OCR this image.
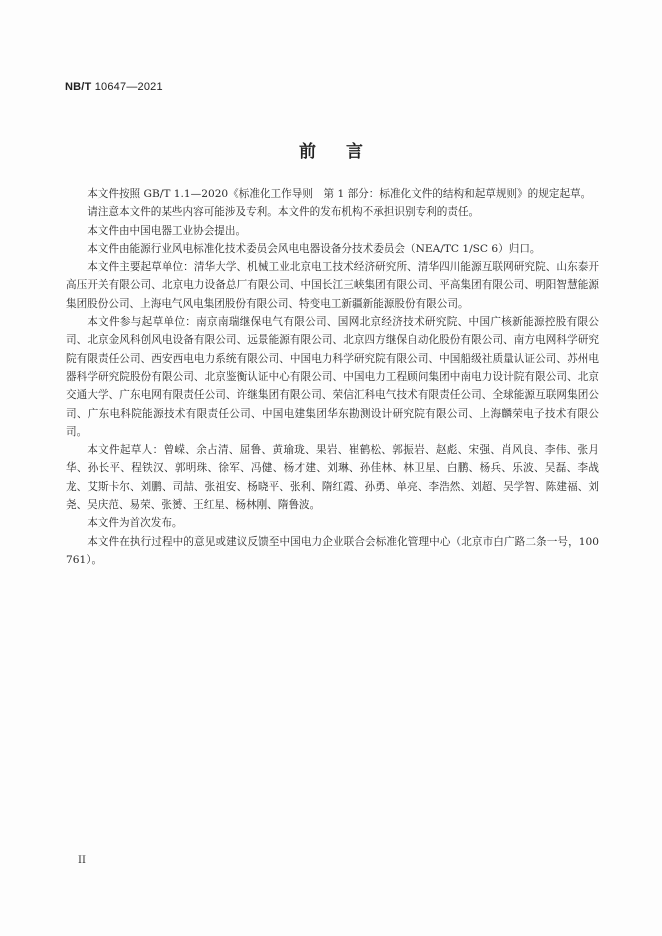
NB/T 10647—2021
前 言

本文件按照 GB/T 1.1—2020《标准化工作导则　第 1 部分：标准化文件的结构和起草规则》的规定起草。

请注意本文件的某些内容可能涉及专利。本文件的发布机构不承担识别专利的责任。

本文件由中国电器工业协会提出。

本文件由能源行业风电标准化技术委员会风电电器设备分技术委员会（NEA/TC 1/SC 6）归口。

本文件主要起草单位：清华大学、机械工业北京电工技术经济研究所、清华四川能源互联网研究院、山东泰开高压开关有限公司、北京电力设备总厂有限公司、中国长江三峡集团有限公司、平高集团有限公司、明阳智慧能源集团股份公司、上海电气风电集团股份有限公司、特变电工新疆新能源股份有限公司。

本文件参与起草单位：南京南瑞继保电气有限公司、国网北京经济技术研究院、中国广核新能源控股有限公司、北京金风科创风电设备有限公司、远景能源有限公司、北京四方继保自动化股份有限公司、南方电网科学研究院有限责任公司、西安西电电力系统有限公司、中国电力科学研究院有限公司、中国船级社质量认证公司、苏州电器科学研究院股份有限公司、北京鉴衡认证中心有限公司、中国电力工程顾问集团中南电力设计院有限公司、北京交通大学、广东电网有限责任公司、许继集团有限公司、荣信汇科电气技术有限责任公司、全球能源互联网集团公司、广东电科院能源技术有限责任公司、中国电建集团华东勘测设计研究院有限公司、上海麟荣电子技术有限公司。

本文件起草人：曾嵘、余占清、屈鲁、黄瑜珑、果岩、崔鹤松、郭振岩、赵彪、宋强、肖风良、李伟、张月华、孙长平、程铁汉、郭明珠、徐军、冯健、杨才建、刘琳、孙佳林、林卫星、白鹏、杨兵、乐波、吴磊、李战龙、艾斯卡尔、刘鹏、司喆、张祖安、杨晓平、张利、隋红霞、孙勇、单亮、李浩然、刘超、吴学智、陈建福、刘尧、吴庆范、易荣、张赟、王红星、杨林刚、隋鲁波。

本文件为首次发布。

本文件在执行过程中的意见或建议反馈至中国电力企业联合会标准化管理中心（北京市白广路二条一号，100761）。

II
